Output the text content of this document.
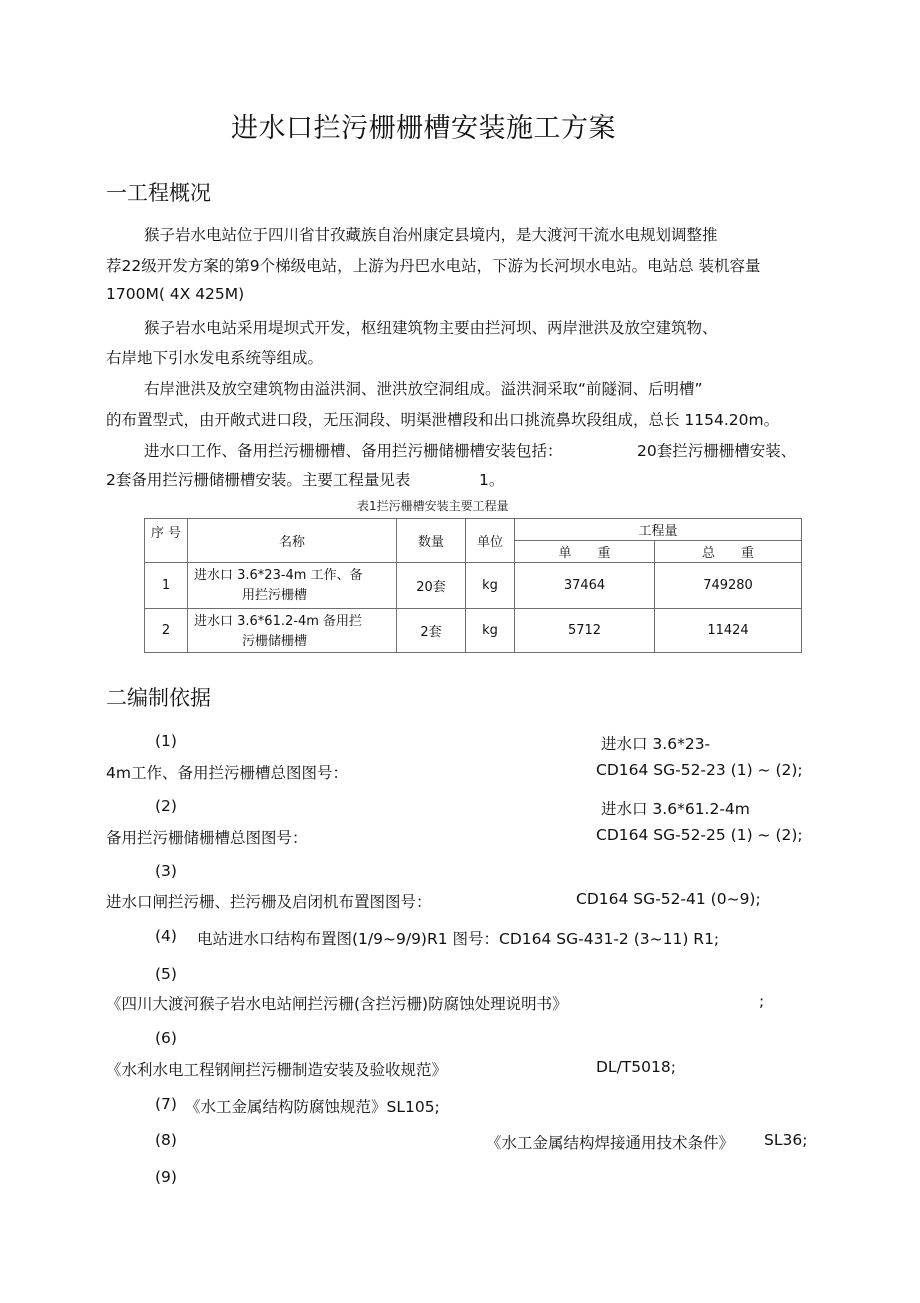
进水口拦污栅栅槽安装施工方案
一工程概况
猴子岩水电站位于四川省甘孜藏族自治州康定县境内，是大渡河干流水电规划调整推
荐22级开发方案的第9个梯级电站，上游为丹巴水电站，下游为长河坝水电站。电站总 装机容量
1700M( 4X 425M)
猴子岩水电站采用堤坝式开发，枢纽建筑物主要由拦河坝、两岸泄洪及放空建筑物、
右岸地下引水发电系统等组成。
右岸泄洪及放空建筑物由溢洪洞、泄洪放空洞组成。溢洪洞采取“前隧洞、后明槽”
的布置型式，由开敞式进口段，无压洞段、明渠泄槽段和出口挑流鼻坎段组成，总长 1154.20m。
进水口工作、备用拦污栅栅槽、备用拦污栅储栅槽安装包括：	20套拦污栅栅槽安装、
2套备用拦污栅储栅槽安装。主要工程量见表	1。
表1拦污栅槽安装主要工程量
序 号	名称	数量	单位	工程量	
				单　　重	总　　重
1	进水口 3.6*23-4m 工作、备
用拦污栅槽	20套	kg	37464	749280
2	进水口 3.6*61.2-4m 备用拦
污栅储栅槽	2套	kg	5712	11424
二编制依据
(1)	进水口 3.6*23-
4m工作、备用拦污栅槽总图图号：	CD164 SG-52-23 (1) ~ (2);
(2)	进水口 3.6*61.2-4m
备用拦污栅储栅槽总图图号：	CD164 SG-52-25 (1) ~ (2);
(3)
进水口闸拦污栅、拦污栅及启闭机布置图图号：	CD164 SG-52-41 (0~9);
(4) 电站进水口结构布置图(1/9~9/9)R1 图号：CD164 SG-431-2 (3~11) R1;
(5)
《四川大渡河猴子岩水电站闸拦污栅(含拦污栅)防腐蚀处理说明书》	;
(6)
《水利水电工程钢闸拦污栅制造安装及验收规范》	DL/T5018;
(7) 《水工金属结构防腐蚀规范》SL105;
(8)	《水工金属结构焊接通用技术条件》 SL36;
(9)
